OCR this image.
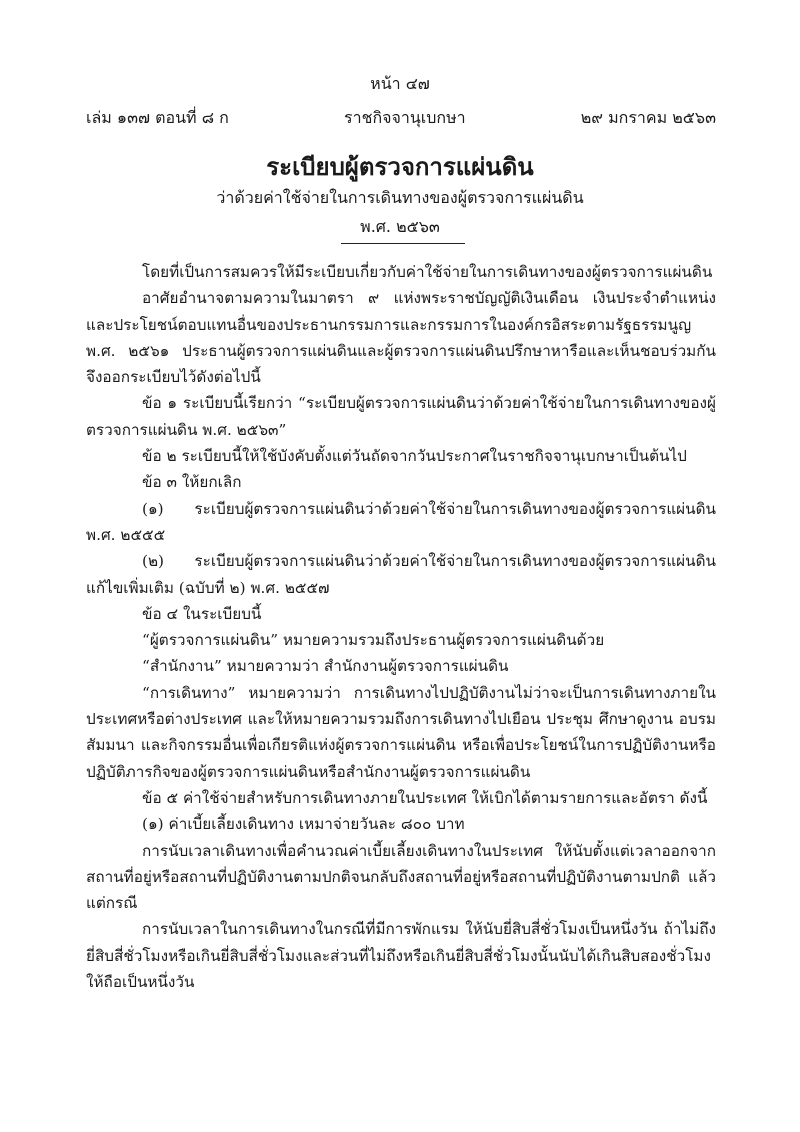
หน้า ๔๗
เล่ม ๑๓๗ ตอนที่ ๘ ก	ราชกิจจานุเบกษา	๒๙ มกราคม ๒๕๖๓
ระเบียบผู้ตรวจการแผ่นดิน
ว่าด้วยค่าใช้จ่ายในการเดินทางของผู้ตรวจการแผ่นดิน
พ.ศ. ๒๕๖๓

โดยที่เป็นการสมควรให้มีระเบียบเกี่ยวกับค่าใช้จ่ายในการเดินทางของผู้ตรวจการแผ่นดิน

อาศัยอำนาจตามความในมาตรา ๙ แห่งพระราชบัญญัติเงินเดือน เงินประจำตำแหน่ง และประโยชน์ตอบแทนอื่นของประธานกรรมการและกรรมการในองค์กรอิสระตามรัฐธรรมนูญ พ.ศ. ๒๕๖๑ ประธานผู้ตรวจการแผ่นดินและผู้ตรวจการแผ่นดินปรึกษาหารือและเห็นชอบร่วมกัน จึงออกระเบียบไว้ดังต่อไปนี้

ข้อ ๑ ระเบียบนี้เรียกว่า “ระเบียบผู้ตรวจการแผ่นดินว่าด้วยค่าใช้จ่ายในการเดินทางของผู้ตรวจการแผ่นดิน พ.ศ. ๒๕๖๓”

ข้อ ๒ ระเบียบนี้ให้ใช้บังคับตั้งแต่วันถัดจากวันประกาศในราชกิจจานุเบกษาเป็นต้นไป

ข้อ ๓ ให้ยกเลิก

(๑) ระเบียบผู้ตรวจการแผ่นดินว่าด้วยค่าใช้จ่ายในการเดินทางของผู้ตรวจการแผ่นดิน พ.ศ. ๒๕๕๕

(๒) ระเบียบผู้ตรวจการแผ่นดินว่าด้วยค่าใช้จ่ายในการเดินทางของผู้ตรวจการแผ่นดิน แก้ไขเพิ่มเติม (ฉบับที่ ๒) พ.ศ. ๒๕๕๗

ข้อ ๔ ในระเบียบนี้

“ผู้ตรวจการแผ่นดิน” หมายความรวมถึงประธานผู้ตรวจการแผ่นดินด้วย

“สำนักงาน” หมายความว่า สำนักงานผู้ตรวจการแผ่นดิน

“การเดินทาง” หมายความว่า การเดินทางไปปฏิบัติงานไม่ว่าจะเป็นการเดินทางภายในประเทศหรือต่างประเทศ และให้หมายความรวมถึงการเดินทางไปเยือน ประชุม ศึกษาดูงาน อบรม สัมมนา และกิจกรรมอื่นเพื่อเกียรติแห่งผู้ตรวจการแผ่นดิน หรือเพื่อประโยชน์ในการปฏิบัติงานหรือปฏิบัติภารกิจของผู้ตรวจการแผ่นดินหรือสำนักงานผู้ตรวจการแผ่นดิน

ข้อ ๕ ค่าใช้จ่ายสำหรับการเดินทางภายในประเทศ ให้เบิกได้ตามรายการและอัตรา ดังนี้

(๑) ค่าเบี้ยเลี้ยงเดินทาง เหมาจ่ายวันละ ๘๐๐ บาท

การนับเวลาเดินทางเพื่อคำนวณค่าเบี้ยเลี้ยงเดินทางในประเทศ ให้นับตั้งแต่เวลาออกจากสถานที่อยู่หรือสถานที่ปฏิบัติงานตามปกติจนกลับถึงสถานที่อยู่หรือสถานที่ปฏิบัติงานตามปกติ แล้วแต่กรณี

การนับเวลาในการเดินทางในกรณีที่มีการพักแรม ให้นับยี่สิบสี่ชั่วโมงเป็นหนึ่งวัน ถ้าไม่ถึงยี่สิบสี่ชั่วโมงหรือเกินยี่สิบสี่ชั่วโมงและส่วนที่ไม่ถึงหรือเกินยี่สิบสี่ชั่วโมงนั้นนับได้เกินสิบสองชั่วโมงให้ถือเป็นหนึ่งวัน
